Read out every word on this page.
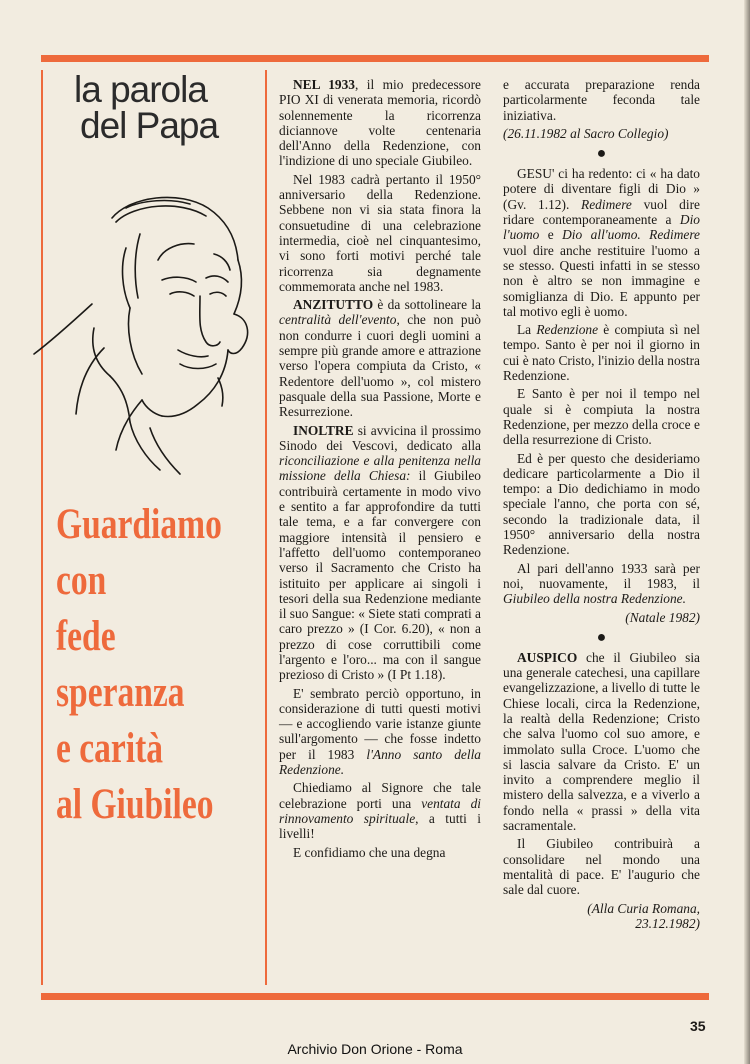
la parola
del Papa
Guardiamo
con
fede
speranza
e carità
al Giubileo

NEL 1933, il mio predecessore PIO XI di venerata memoria, ricordò solennemente la ricorrenza diciannove volte centenaria dell'Anno della Redenzione, con l'indizione di uno speciale Giubileo.

Nel 1983 cadrà pertanto il 1950° anniversario della Redenzione. Sebbene non vi sia stata finora la consuetudine di una celebrazione intermedia, cioè nel cinquantesimo, vi sono forti motivi perché tale ricorrenza sia degnamente commemorata anche nel 1983.

ANZITUTTO è da sottolineare la centralità dell'evento, che non può non condurre i cuori degli uomini a sempre più grande amore e attrazione verso l'opera compiuta da Cristo, « Redentore dell'uomo », col mistero pasquale della sua Passione, Morte e Resurrezione.

INOLTRE si avvicina il prossimo Sinodo dei Vescovi, dedicato alla riconciliazione e alla penitenza nella missione della Chiesa: il Giubileo contribuirà certamente in modo vivo e sentito a far approfondire da tutti tale tema, e a far convergere con maggiore intensità il pensiero e l'affetto dell'uomo contemporaneo verso il Sacramento che Cristo ha istituito per applicare ai singoli i tesori della sua Redenzione mediante il suo Sangue: « Siete stati comprati a caro prezzo » (I Cor. 6.20), « non a prezzo di cose corruttibili come l'argento e l'oro... ma con il sangue prezioso di Cristo » (I Pt 1.18).

E' sembrato perciò opportuno, in considerazione di tutti questi motivi — e accogliendo varie istanze giunte sull'argomento — che fosse indetto per il 1983 l'Anno santo della Redenzione.

Chiediamo al Signore che tale celebrazione porti una ventata di rinnovamento spirituale, a tutti i livelli!

E confidiamo che una degna

e accurata preparazione renda particolarmente feconda tale iniziativa.

(26.11.1982 al Sacro Collegio)

●

GESU' ci ha redento: ci « ha dato potere di diventare figli di Dio » (Gv. 1.12). Redimere vuol dire ridare contemporaneamente a Dio l'uomo e Dio all'uomo. Redimere vuol dire anche restituire l'uomo a se stesso. Questi infatti in se stesso non è altro se non immagine e somiglianza di Dio. E appunto per tal motivo egli è uomo.

La Redenzione è compiuta sì nel tempo. Santo è per noi il giorno in cui è nato Cristo, l'inizio della nostra Redenzione.

E Santo è per noi il tempo nel quale si è compiuta la nostra Redenzione, per mezzo della croce e della resurrezione di Cristo.

Ed è per questo che desideriamo dedicare particolarmente a Dio il tempo: a Dio dedichiamo in modo speciale l'anno, che porta con sé, secondo la tradizionale data, il 1950° anniversario della nostra Redenzione.

Al pari dell'anno 1933 sarà per noi, nuovamente, il 1983, il Giubileo della nostra Redenzione.

(Natale 1982)

●

AUSPICO che il Giubileo sia una generale catechesi, una capillare evangelizzazione, a livello di tutte le Chiese locali, circa la Redenzione, la realtà della Redenzione; Cristo che salva l'uomo col suo amore, e immolato sulla Croce. L'uomo che si lascia salvare da Cristo. E' un invito a comprendere meglio il mistero della salvezza, e a viverlo a fondo nella « prassi » della vita sacramentale.

Il Giubileo contribuirà a consolidare nel mondo una mentalità di pace. E' l'augurio che sale dal cuore.

(Alla Curia Romana,
23.12.1982)

35
Archivio Don Orione - Roma
